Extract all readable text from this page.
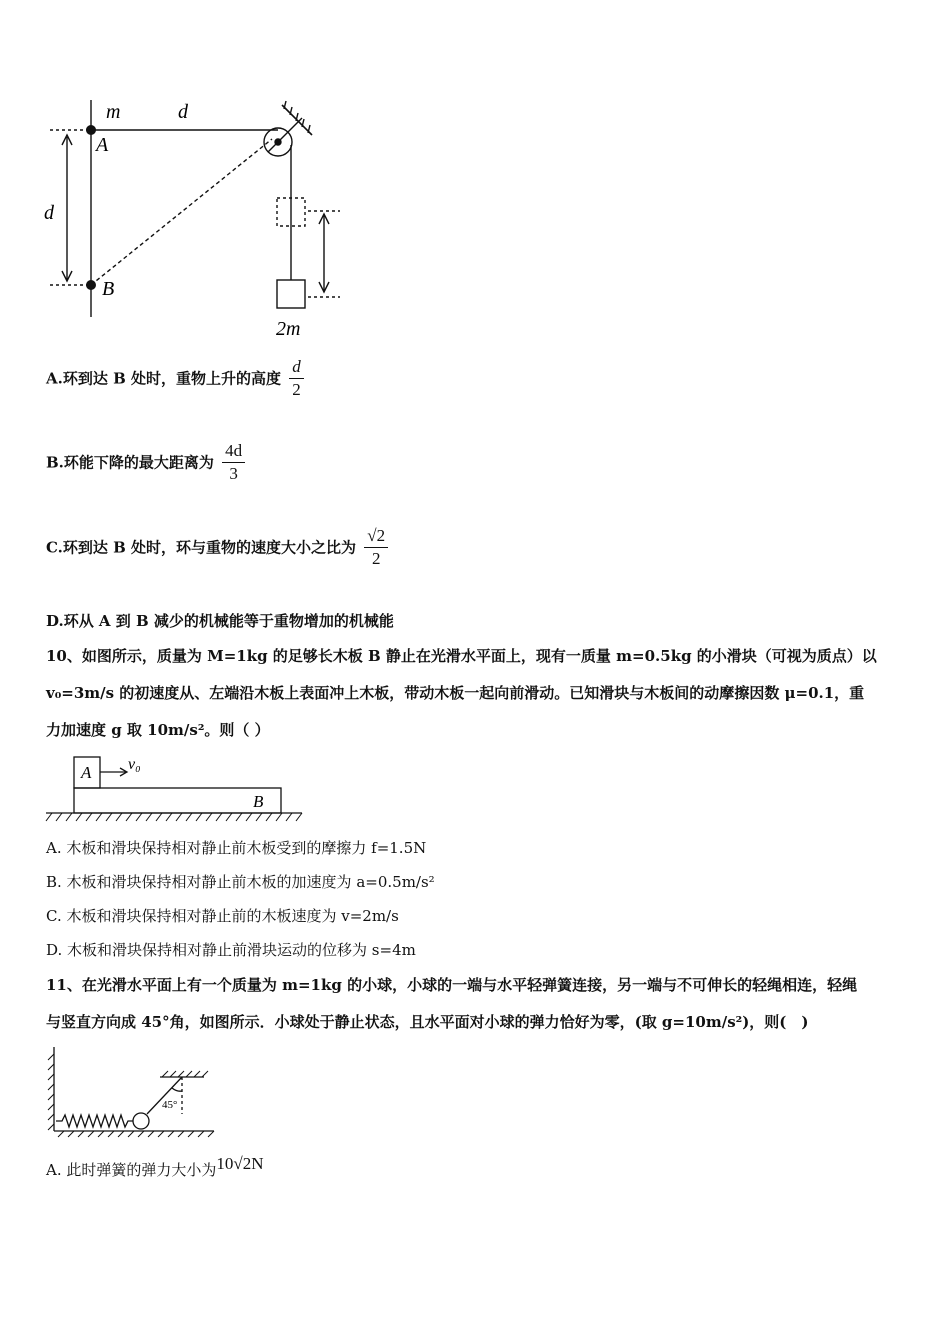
m	d
A
d
B
2m
A.环到达 B 处时，重物上升的高度 $\frac{d}{2}$
B.环能下降的最大距离为 $\frac{4d}{3}$
C.环到达 B 处时，环与重物的速度大小之比为 $\frac{√2}{2}$
D.环从 A 到 B 减少的机械能等于重物增加的机械能
10、如图所示，质量为 M=1kg 的足够长木板 B 静止在光滑水平面上，现有一质量 m=0.5kg 的小滑块（可视为质点）以
v₀=3m/s 的初速度从、左端沿木板上表面冲上木板，带动木板一起向前滑动。已知滑块与木板间的动摩擦因数 μ=0.1，重
力加速度 g 取 10m/s²。则（ ）
A v₀
B
A. 木板和滑块保持相对静止前木板受到的摩擦力 f=1.5N
B. 木板和滑块保持相对静止前木板的加速度为 a=0.5m/s²
C. 木板和滑块保持相对静止前的木板速度为 v=2m/s
D. 木板和滑块保持相对静止前滑块运动的位移为 s=4m
11、在光滑水平面上有一个质量为 m=1kg 的小球，小球的一端与水平轻弹簧连接，另一端与不可伸长的轻绳相连，轻绳
与竖直方向成 45°角，如图所示．小球处于静止状态，且水平面对小球的弹力恰好为零，(取 g=10m/s²)，则(　)
45°
A. 此时弹簧的弹力大小为10√2N
